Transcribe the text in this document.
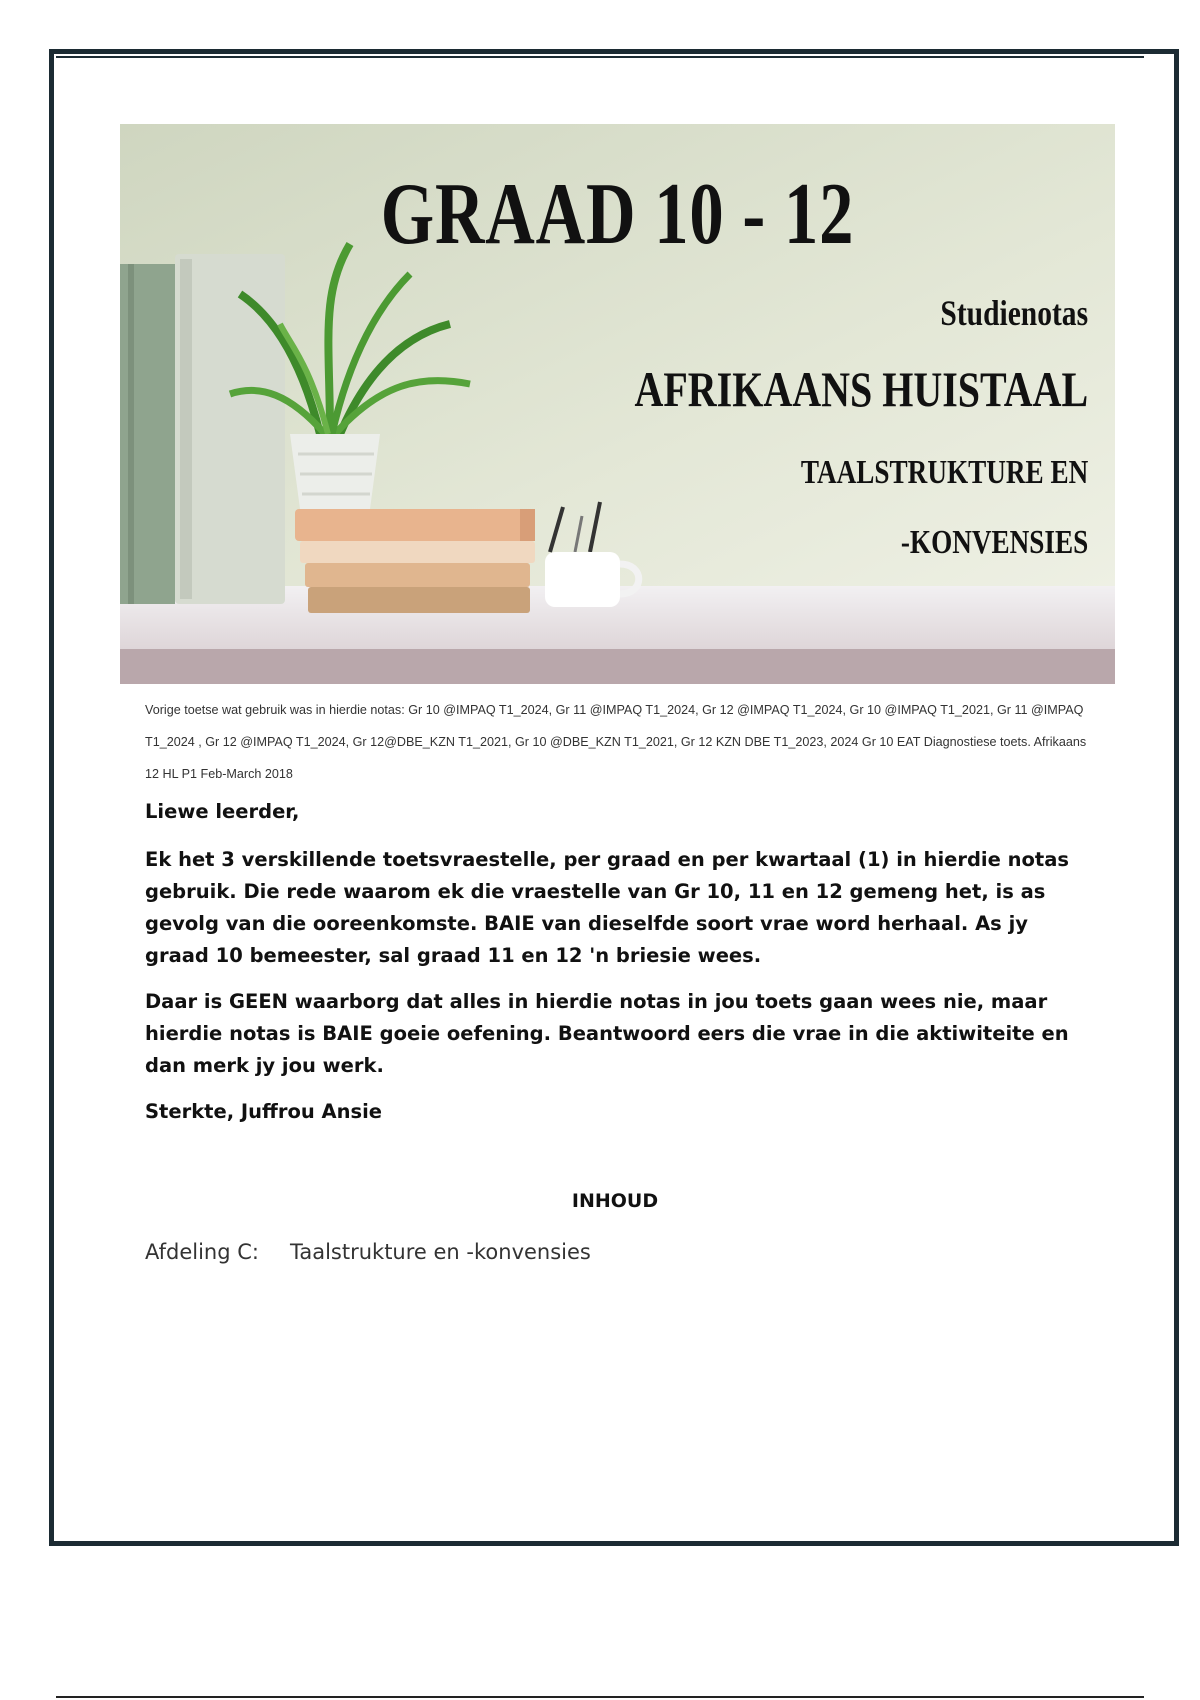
GRAAD 10 - 12
Studienotas
AFRIKAANS HUISTAAL
TAALSTRUKTURE EN
-KONVENSIES
Vorige toetse wat gebruik was in hierdie notas: Gr 10 @IMPAQ T1_2024, Gr 11 @IMPAQ T1_2024, Gr 12 @IMPAQ T1_2024, Gr 10 @IMPAQ T1_2021, Gr 11 @IMPAQ T1_2024 , Gr 12 @IMPAQ T1_2024, Gr 12@DBE_KZN T1_2021, Gr 10 @DBE_KZN T1_2021, Gr 12 KZN DBE T1_2023, 2024 Gr 10 EAT Diagnostiese toets. Afrikaans 12 HL P1 Feb-March 2018
Liewe leerder,
Ek het 3 verskillende toetsvraestelle, per graad en per kwartaal (1) in hierdie notas gebruik. Die rede waarom ek die vraestelle van Gr 10, 11 en 12 gemeng het, is as gevolg van die ooreenkomste. BAIE van dieselfde soort vrae word herhaal. As jy graad 10 bemeester, sal graad 11 en 12 'n briesie wees.
Daar is GEEN waarborg dat alles in hierdie notas in jou toets gaan wees nie, maar hierdie notas is BAIE goeie oefening. Beantwoord eers die vrae in die aktiwiteite en dan merk jy jou werk.
Sterkte, Juffrou Ansie
INHOUD
Afdeling C: Taalstrukture en -konvensies
